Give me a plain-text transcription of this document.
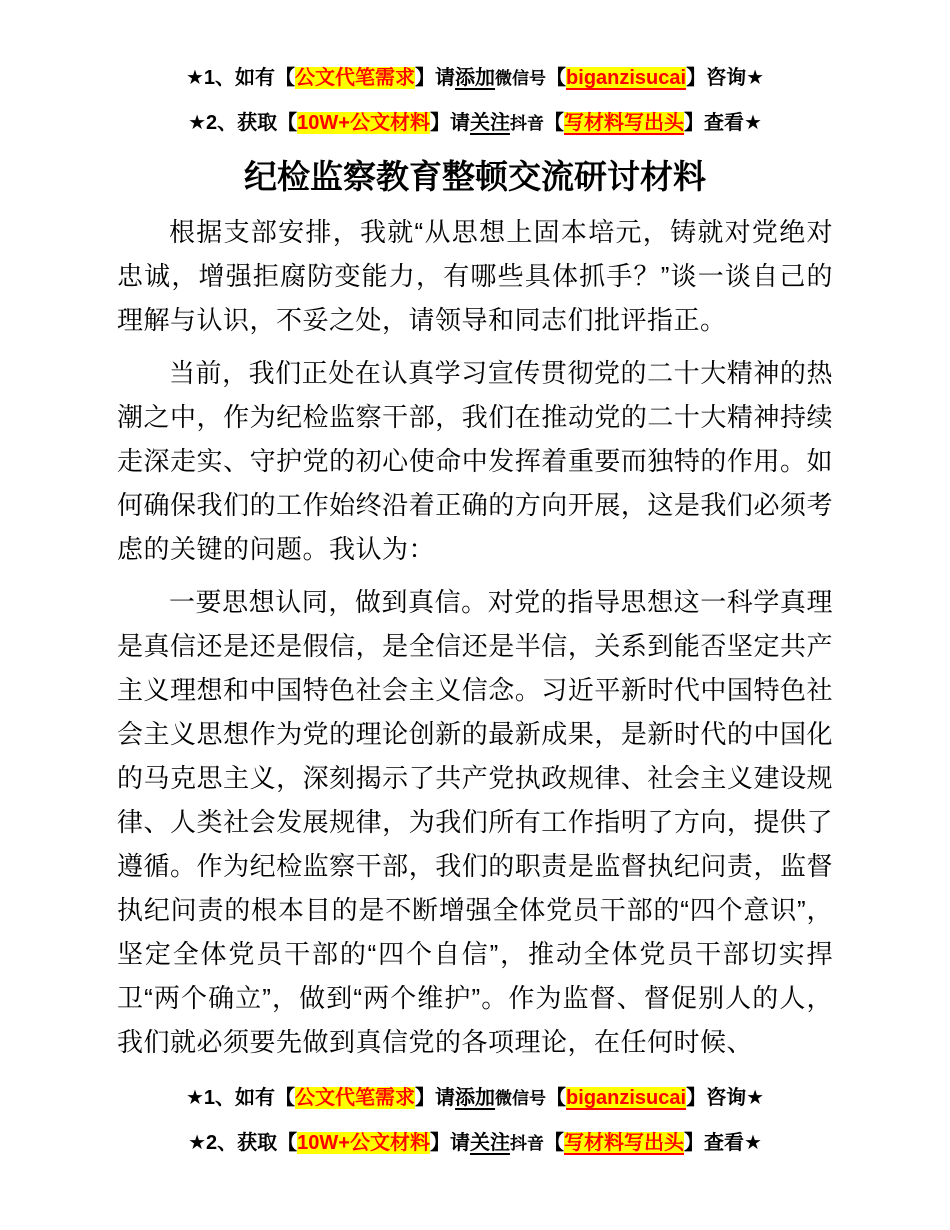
★1、如有【公文代笔需求】请添加微信号【biganzisucai】咨询★
★2、获取【10W+公文材料】请关注抖音【写材料写出头】查看★
纪检监察教育整顿交流研讨材料

根据支部安排，我就“从思想上固本培元，铸就对党绝对忠诚，增强拒腐防变能力，有哪些具体抓手？”谈一谈自己的理解与认识，不妥之处，请领导和同志们批评指正。

当前，我们正处在认真学习宣传贯彻党的二十大精神的热潮之中，作为纪检监察干部，我们在推动党的二十大精神持续走深走实、守护党的初心使命中发挥着重要而独特的作用。如何确保我们的工作始终沿着正确的方向开展，这是我们必须考虑的关键的问题。我认为：

一要思想认同，做到真信。对党的指导思想这一科学真理是真信还是还是假信，是全信还是半信，关系到能否坚定共产主义理想和中国特色社会主义信念。习近平新时代中国特色社会主义思想作为党的理论创新的最新成果，是新时代的中国化的马克思主义，深刻揭示了共产党执政规律、社会主义建设规律、人类社会发展规律，为我们所有工作指明了方向，提供了遵循。作为纪检监察干部，我们的职责是监督执纪问责，监督执纪问责的根本目的是不断增强全体党员干部的“四个意识”，坚定全体党员干部的“四个自信”，推动全体党员干部切实捍卫“两个确立”，做到“两个维护”。作为监督、督促别人的人，我们就必须要先做到真信党的各项理论，在任何时候、

★1、如有【公文代笔需求】请添加微信号【biganzisucai】咨询★
★2、获取【10W+公文材料】请关注抖音【写材料写出头】查看★
